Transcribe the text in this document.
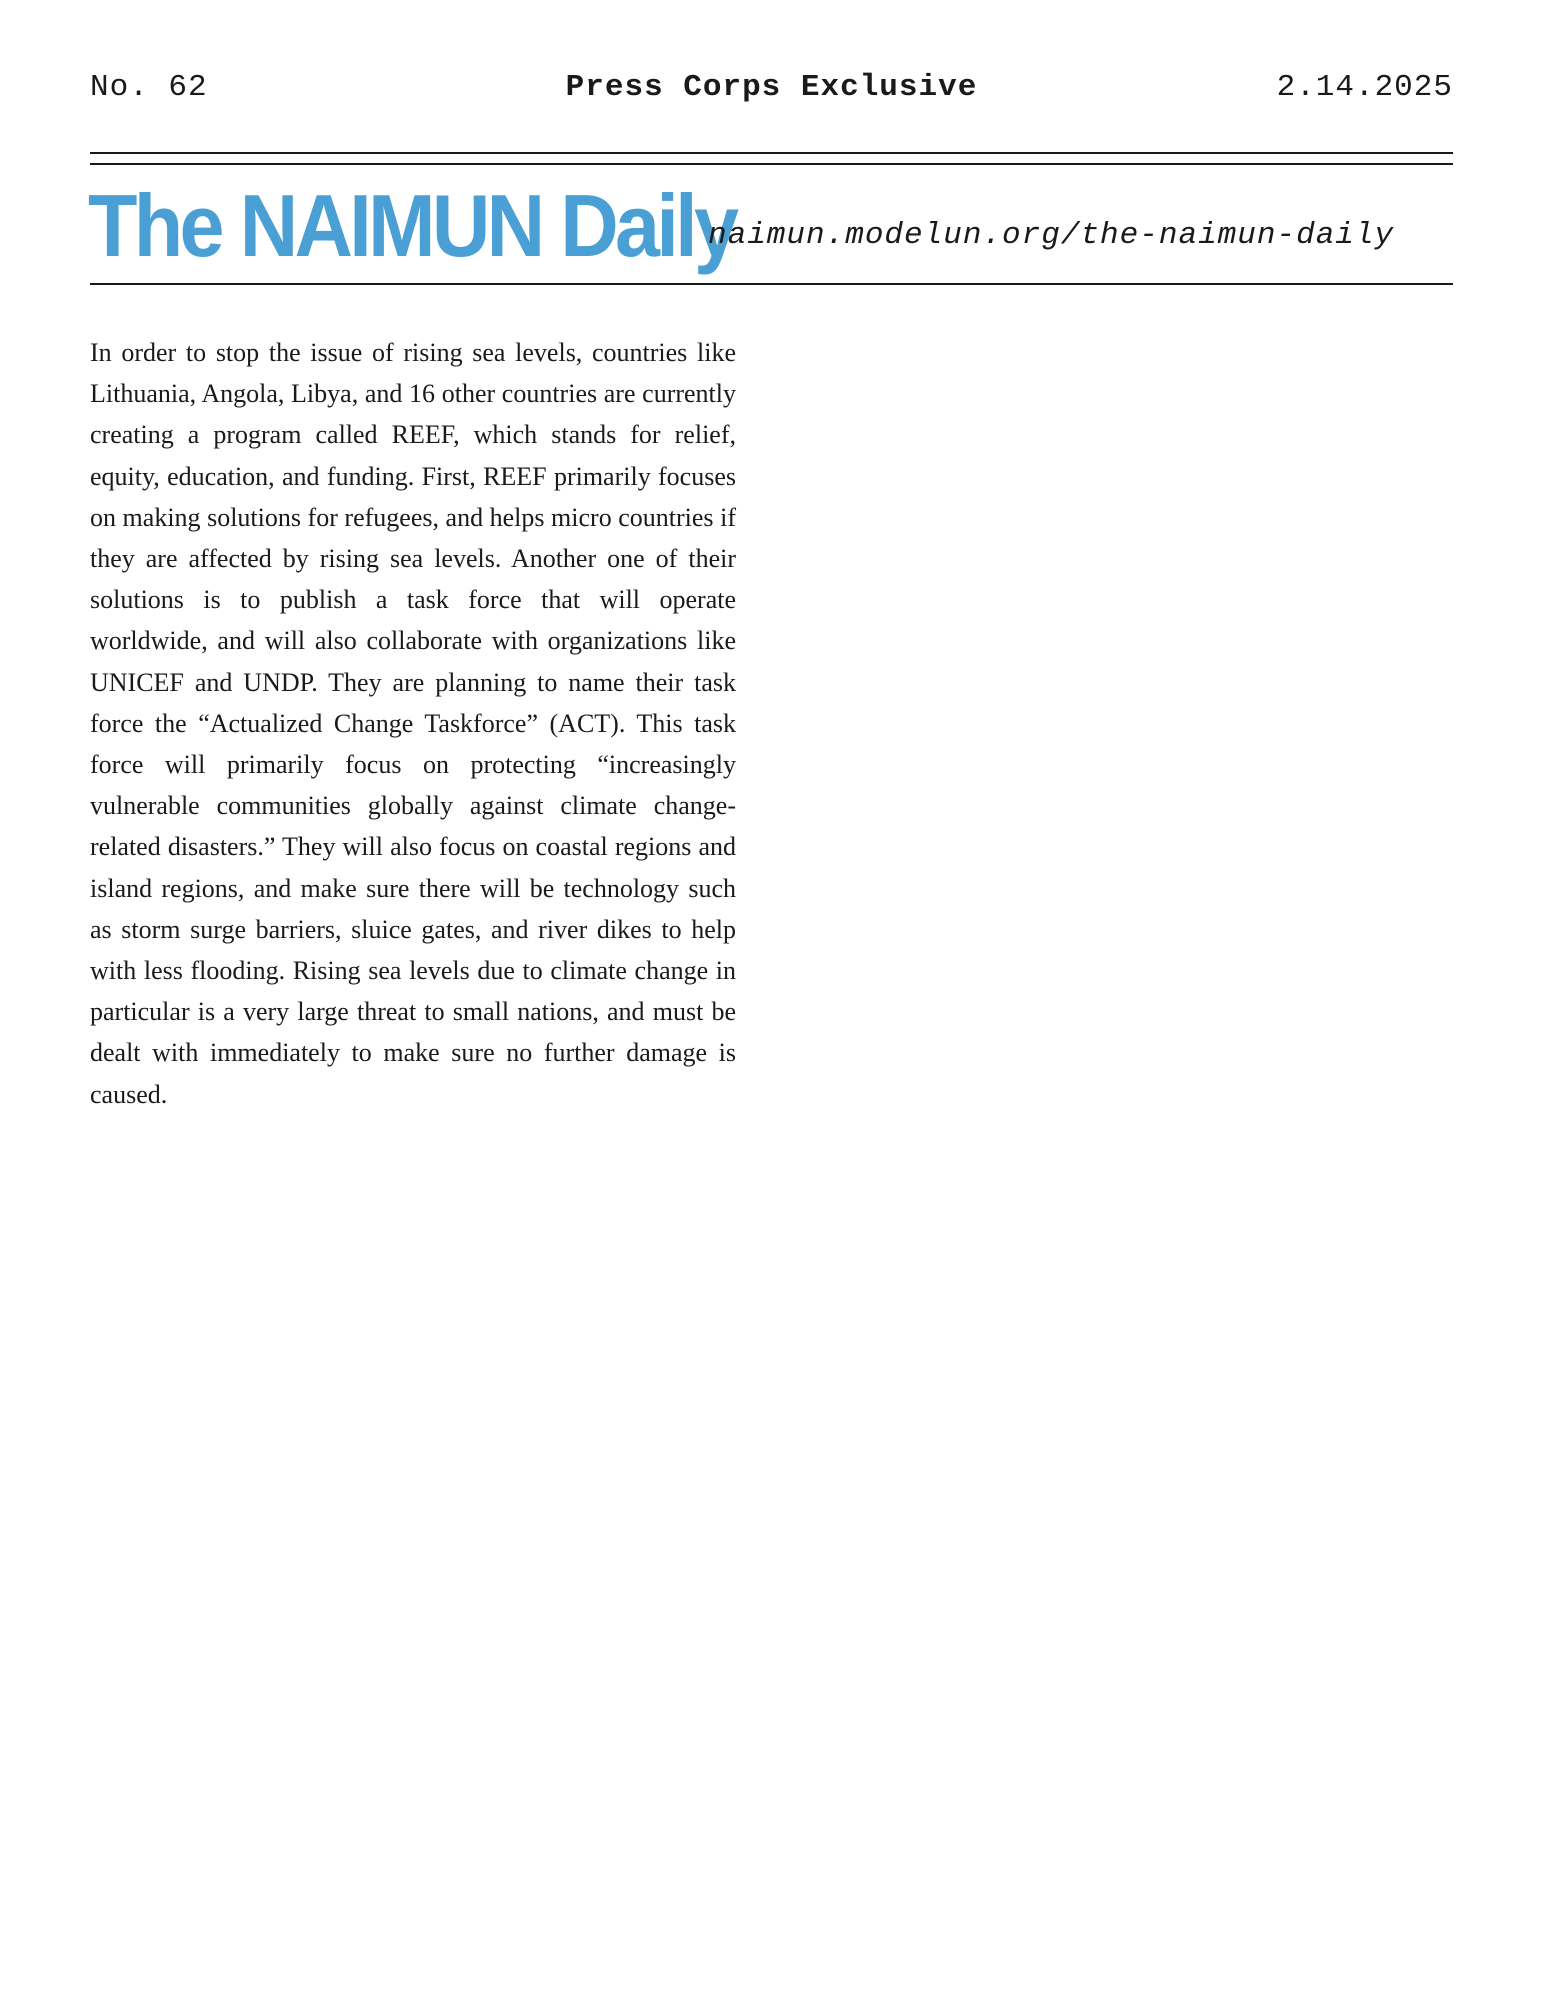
Press Corps Exclusive
No. 62	2.14.2025
The NAIMUN Daily
naimun.modelun.org/the-naimun-daily

In order to stop the issue of rising sea levels, countries like Lithuania, Angola, Libya, and 16 other countries are currently creating a program called REEF, which stands for relief, equity, education, and funding. First, REEF primarily focuses on making solutions for refugees, and helps micro countries if they are affected by rising sea levels. Another one of their solutions is to publish a task force that will operate worldwide, and will also collaborate with organizations like UNICEF and UNDP. They are planning to name their task force the “Actualized Change Taskforce” (ACT). This task force will primarily focus on protecting “increasingly vulnerable communities globally against climate change-related disasters.” They will also focus on coastal regions and island regions, and make sure there will be technology such as storm surge barriers, sluice gates, and river dikes to help with less flooding. Rising sea levels due to climate change in particular is a very large threat to small nations, and must be dealt with immediately to make sure no further damage is caused.
